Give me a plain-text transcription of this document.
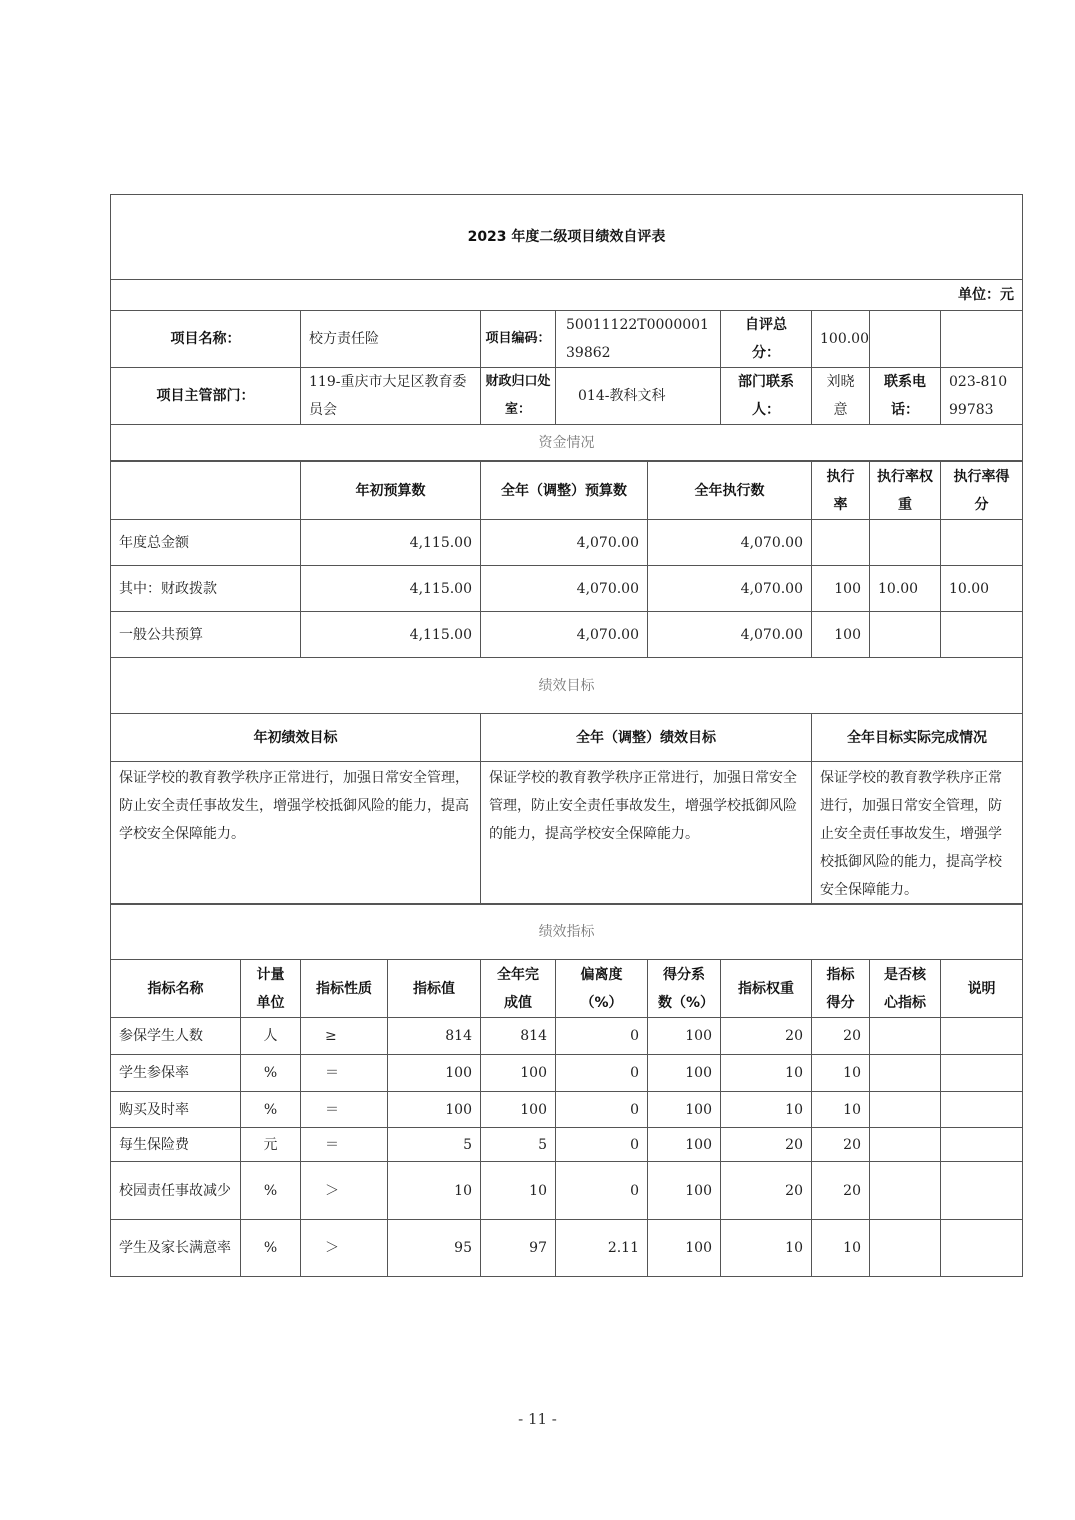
2023 年度二级项目绩效自评表							
单位：元							
项目名称：	校方责任险	项目编码：	50011122T000000139862	自评总分：	100.00		
项目主管部门：	119-重庆市大足区教育委员会	财政归口处室：	014-教科文科	部门联系人：	刘晓意	联系电话：	023-81099783
资金情况							
	年初预算数	全年（调整）预算数	全年执行数	执行率	执行率权重	执行率得分
年度总金额	4,115.00	4,070.00	4,070.00			
其中：财政拨款	4,115.00	4,070.00	4,070.00	100	10.00	10.00
一般公共预算	4,115.00	4,070.00	4,070.00	100		
绩效目标		
年初绩效目标	全年（调整）绩效目标	全年目标实际完成情况
保证学校的教育教学秩序正常进行，加强日常安全管理，防止安全责任事故发生，增强学校抵御风险的能力，提高学校安全保障能力。	保证学校的教育教学秩序正常进行，加强日常安全管理，防止安全责任事故发生，增强学校抵御风险的能力，提高学校安全保障能力。	保证学校的教育教学秩序正常进行，加强日常安全管理，防止安全责任事故发生，增强学校抵御风险的能力，提高学校安全保障能力。
绩效指标										
指标名称	计量单位	指标性质	指标值	全年完成值	偏离度（%）	得分系数（%）	指标权重	指标得分	是否核心指标	说明
参保学生人数	人	≥	814	814	0	100	20	20		
学生参保率	%	＝	100	100	0	100	10	10		
购买及时率	%	＝	100	100	0	100	10	10		
每生保险费	元	＝	5	5	0	100	20	20		
校园责任事故减少	%	＞	10	10	0	100	20	20		
学生及家长满意率	%	＞	95	97	2.11	100	10	10		
- 11 -
